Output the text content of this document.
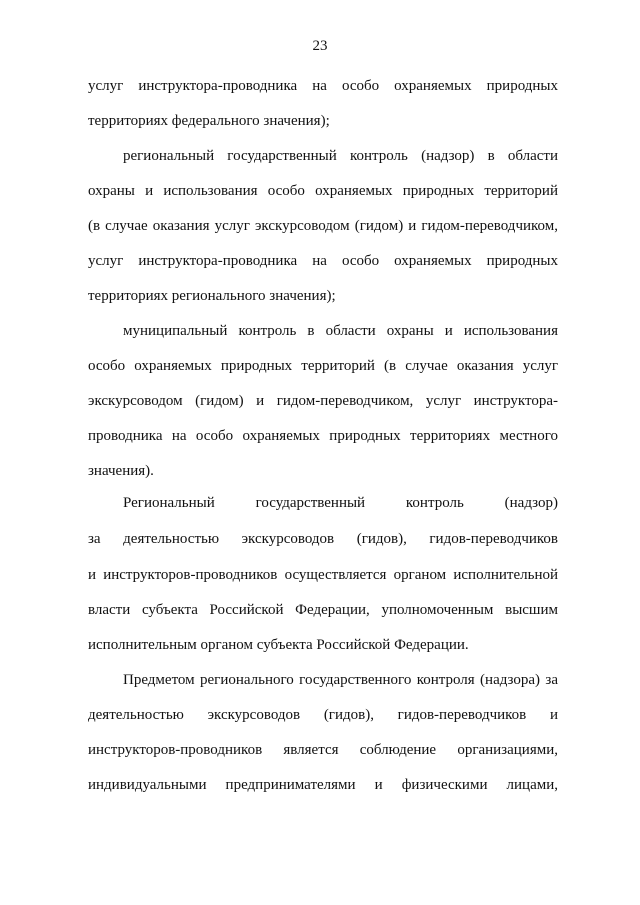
23
услуг инструктора-проводника на особо охраняемых природных
территориях федерального значения);
региональный государственный контроль (надзор) в области
охраны и использования особо охраняемых природных территорий
(в случае оказания услуг экскурсоводом (гидом) и гидом-переводчиком,
услуг инструктора-проводника на особо охраняемых природных
территориях регионального значения);
муниципальный контроль в области охраны и использования
особо охраняемых природных территорий (в случае оказания услуг
экскурсоводом (гидом) и гидом-переводчиком, услуг инструктора-
проводника на особо охраняемых природных территориях местного
значения).
Региональный государственный контроль (надзор)
за деятельностью экскурсоводов (гидов), гидов-переводчиков
и инструкторов-проводников осуществляется органом исполнительной
власти субъекта Российской Федерации, уполномоченным высшим
исполнительным органом субъекта Российской Федерации.
Предметом регионального государственного контроля (надзора) за
деятельностью экскурсоводов (гидов), гидов-переводчиков и
инструкторов-проводников является соблюдение организациями,
индивидуальными предпринимателями и физическими лицами,
